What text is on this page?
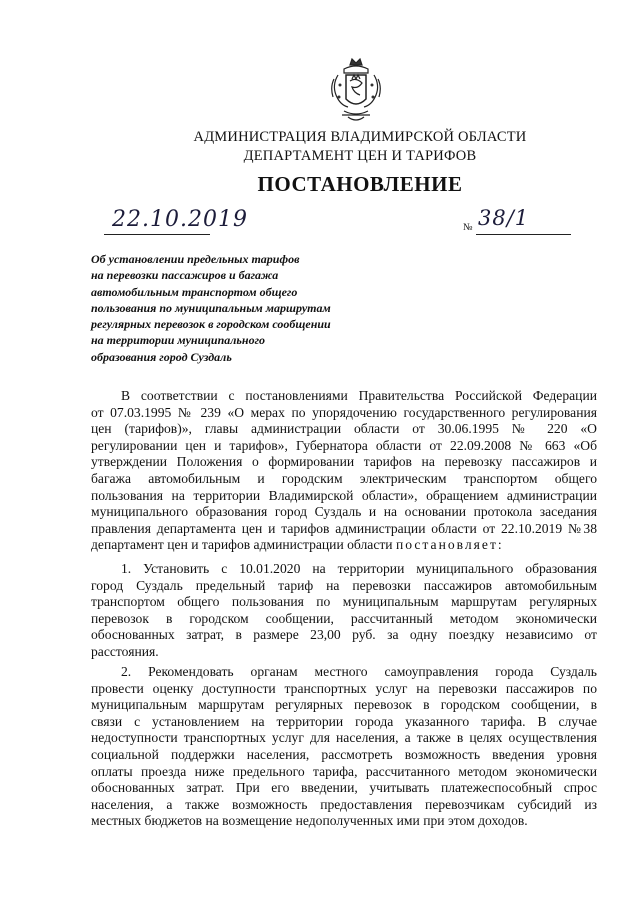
АДМИНИСТРАЦИЯ ВЛАДИМИРСКОЙ ОБЛАСТИ
ДЕПАРТАМЕНТ ЦЕН И ТАРИФОВ
ПОСТАНОВЛЕНИЕ
22.10.2019	№ 38/1
Об установлении предельных тарифов
на перевозки пассажиров и багажа
автомобильным транспортом общего
пользования по муниципальным маршрутам
регулярных перевозок в городском сообщении
на территории муниципального
образования город Суздаль
В соответствии с постановлениями Правительства Российской Федерации
от 07.03.1995 № 239 «О мерах по упорядочению государственного регулирования
цен (тарифов)», главы администрации области от 30.06.1995 № 220 «О
регулировании цен и тарифов», Губернатора области от 22.09.2008 № 663 «Об
утверждении Положения о формировании тарифов на перевозку пассажиров и
багажа автомобильным и городским электрическим транспортом общего
пользования на территории Владимирской области», обращением администрации
муниципального образования город Суздаль и на основании протокола заседания
правления департамента цен и тарифов администрации области от 22.10.2019 №38
департамент цен и тарифов администрации области постановляет:
1. Установить с 10.01.2020 на территории муниципального образования
город Суздаль предельный тариф на перевозки пассажиров автомобильным
транспортом общего пользования по муниципальным маршрутам регулярных
перевозок в городском сообщении, рассчитанный методом экономически
обоснованных затрат, в размере 23,00 руб. за одну поездку независимо от
расстояния.
2. Рекомендовать органам местного самоуправления города Суздаль
провести оценку доступности транспортных услуг на перевозки пассажиров по
муниципальным маршрутам регулярных перевозок в городском сообщении, в
связи с установлением на территории города указанного тарифа. В случае
недоступности транспортных услуг для населения, а также в целях осуществления
социальной поддержки населения, рассмотреть возможность введения уровня
оплаты проезда ниже предельного тарифа, рассчитанного методом экономически
обоснованных затрат. При его введении, учитывать платежеспособный спрос
населения, а также возможность предоставления перевозчикам субсидий из
местных бюджетов на возмещение недополученных ими при этом доходов.
